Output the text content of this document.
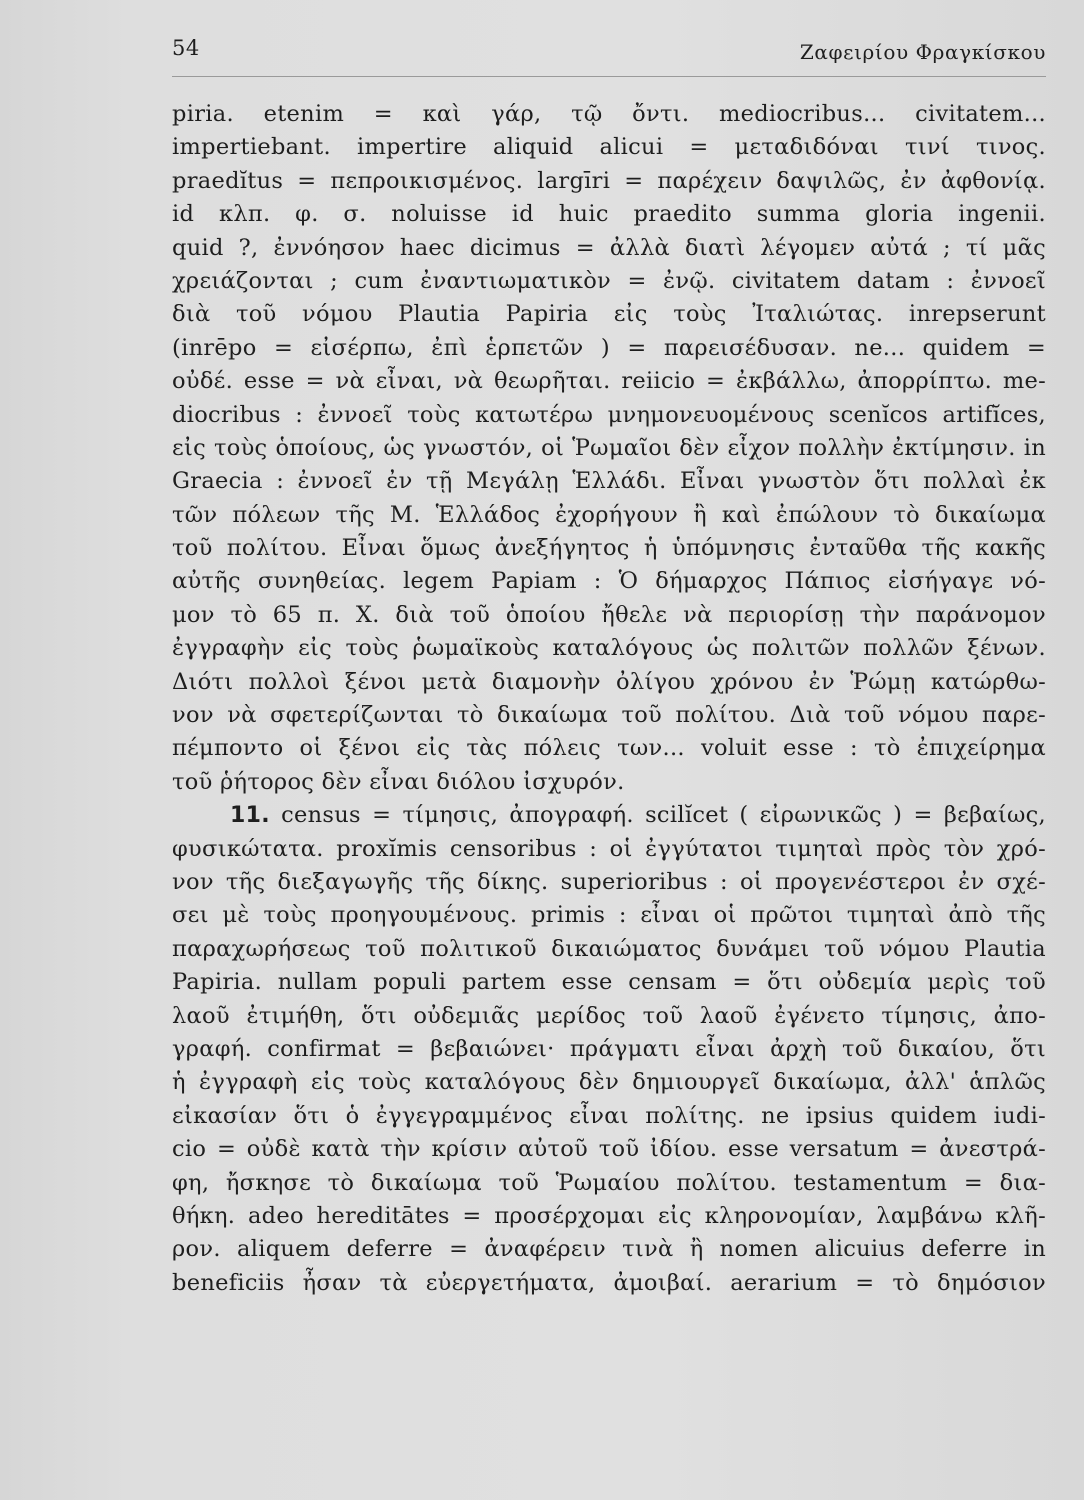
54	Ζαφειρίου Φραγκίσκου
piria. etenim = καὶ γάρ, τῷ ὄντι. mediocribus... civitatem...
impertiebant. impertire aliquid alicui = μεταδιδόναι τινί τινος.
praedĭtus = πεπροικισμένος. largīri = παρέχειν δαψιλῶς, ἐν ἀφθονίᾳ.
id κλπ. φ. σ. noluisse id huic praedito summa gloria ingenii.
quid ?, ἐννόησον haec dicimus = ἀλλὰ διατὶ λέγομεν αὐτά ; τί μᾶς
χρειάζονται ; cum ἐναντιωματικὸν = ἐνῷ. civitatem datam : ἐννοεῖ
διὰ τοῦ νόμου Plautia Papiria εἰς τοὺς Ἰταλιώτας. inrepserunt
(inrēpo = εἰσέρπω, ἐπὶ ἑρπετῶν ) = παρεισέδυσαν. ne... quidem =
οὐδέ. esse = νὰ εἶναι, νὰ θεωρῆται. reiicio = ἐκβάλλω, ἀπορρίπτω. me-
diocribus : ἐννοεῖ τοὺς κατωτέρω μνημονευομένους scenĭcos artifĭces,
εἰς τοὺς ὁποίους, ὡς γνωστόν, οἱ Ῥωμαῖοι δὲν εἶχον πολλὴν ἐκτίμησιν. in
Graecia : ἐννοεῖ ἐν τῇ Μεγάλῃ Ἑλλάδι. Εἶναι γνωστὸν ὅτι πολλαὶ ἐκ
τῶν πόλεων τῆς Μ. Ἑλλάδος ἐχορήγουν ἢ καὶ ἐπώλουν τὸ δικαίωμα
τοῦ πολίτου. Εἶναι ὅμως ἀνεξήγητος ἡ ὑπόμνησις ἐνταῦθα τῆς κακῆς
αὐτῆς συνηθείας. legem Papiam : Ὁ δήμαρχος Πάπιος εἰσήγαγε νό-
μον τὸ 65 π. Χ. διὰ τοῦ ὁποίου ἤθελε νὰ περιορίσῃ τὴν παράνομον
ἐγγραφὴν εἰς τοὺς ῥωμαϊκοὺς καταλόγους ὡς πολιτῶν πολλῶν ξένων.
Διότι πολλοὶ ξένοι μετὰ διαμονὴν ὀλίγου χρόνου ἐν Ῥώμῃ κατώρθω-
νον νὰ σφετερίζωνται τὸ δικαίωμα τοῦ πολίτου. Διὰ τοῦ νόμου παρε-
πέμποντο οἱ ξένοι εἰς τὰς πόλεις των... voluit esse : τὸ ἐπιχείρημα
τοῦ ῥήτορος δὲν εἶναι διόλου ἰσχυρόν.
11. census = τίμησις, ἀπογραφή. scilĭcet ( εἰρωνικῶς ) = βεβαίως,
φυσικώτατα. proxĭmis censoribus : οἱ ἐγγύτατοι τιμηταὶ πρὸς τὸν χρό-
νον τῆς διεξαγωγῆς τῆς δίκης. superioribus : οἱ προγενέστεροι ἐν σχέ-
σει μὲ τοὺς προηγουμένους. primis : εἶναι οἱ πρῶτοι τιμηταὶ ἀπὸ τῆς
παραχωρήσεως τοῦ πολιτικοῦ δικαιώματος δυνάμει τοῦ νόμου Plautia
Papiria. nullam populi partem esse censam = ὅτι οὐδεμία μερὶς τοῦ
λαοῦ ἐτιμήθη, ὅτι οὐδεμιᾶς μερίδος τοῦ λαοῦ ἐγένετο τίμησις, ἀπο-
γραφή. confirmat = βεβαιώνει· πράγματι εἶναι ἀρχὴ τοῦ δικαίου, ὅτι
ἡ ἐγγραφὴ εἰς τοὺς καταλόγους δὲν δημιουργεῖ δικαίωμα, ἀλλ' ἁπλῶς
εἰκασίαν ὅτι ὁ ἐγγεγραμμένος εἶναι πολίτης. ne ipsius quidem iudi-
cio = οὐδὲ κατὰ τὴν κρίσιν αὐτοῦ τοῦ ἰδίου. esse versatum = ἀνεστρά-
φη, ἤσκησε τὸ δικαίωμα τοῦ Ῥωμαίου πολίτου. testamentum = δια-
θήκη. adeo hereditātes = προσέρχομαι εἰς κληρονομίαν, λαμβάνω κλῆ-
ρον. aliquem deferre = ἀναφέρειν τινὰ ἢ nomen alicuius deferre in
beneficiis ἦσαν τὰ εὐεργετήματα, ἀμοιβαί. aerarium = τὸ δημόσιον
